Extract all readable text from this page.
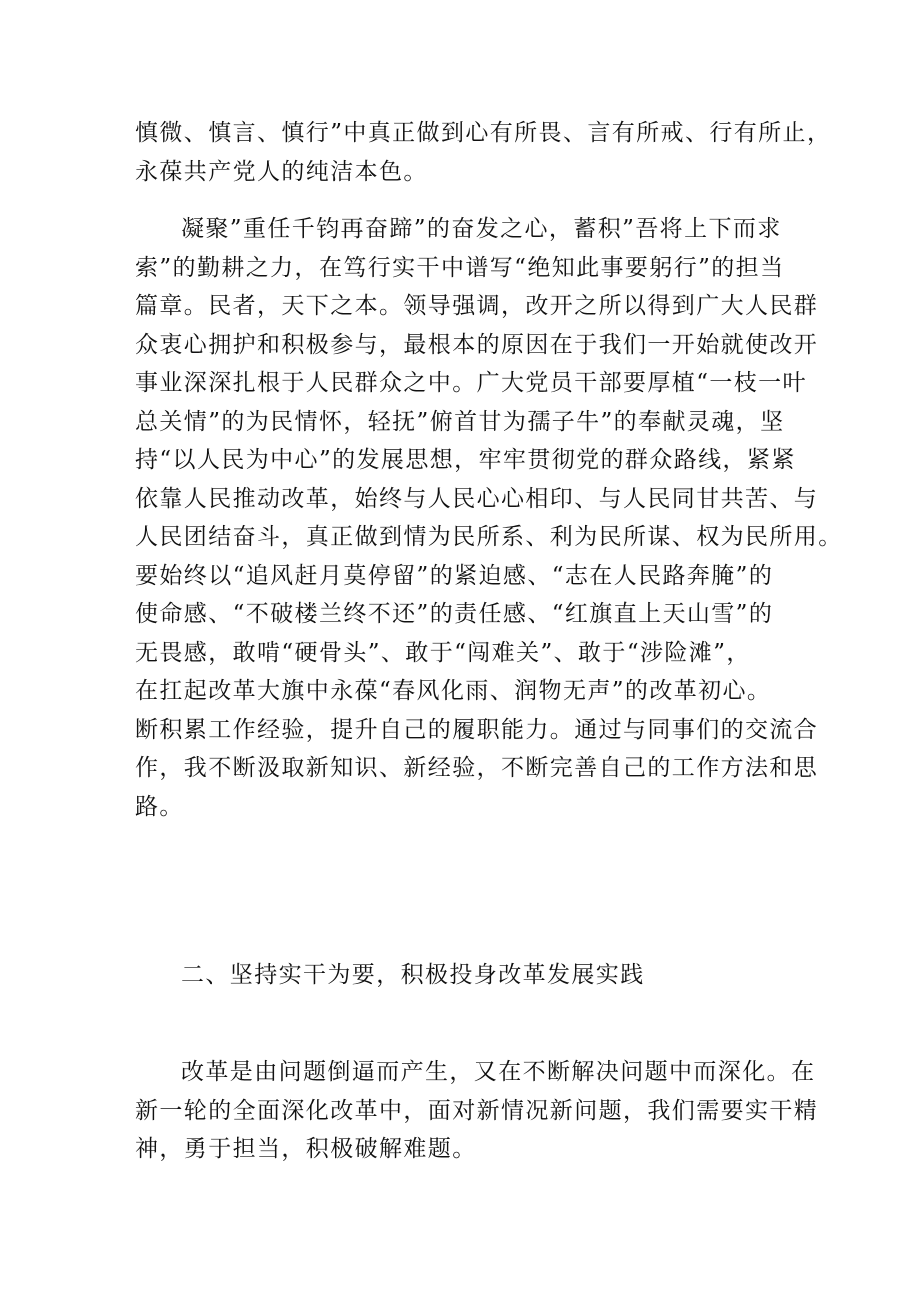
慎微、慎言、慎行”中真正做到心有所畏、言有所戒、行有所止，
永葆共产党人的纯洁本色。
凝聚”重任千钧再奋蹄”的奋发之心，蓄积”吾将上下而求
索”的勤耕之力，在笃行实干中谱写“绝知此事要躬行”的担当
篇章。民者，天下之本。领导强调，改开之所以得到广大人民群
众衷心拥护和积极参与，最根本的原因在于我们一开始就使改开
事业深深扎根于人民群众之中。广大党员干部要厚植“一枝一叶
总关情”的为民情怀，轻抚”俯首甘为孺子牛”的奉献灵魂，坚
持“以人民为中心”的发展思想，牢牢贯彻党的群众路线，紧紧
依靠人民推动改革，始终与人民心心相印、与人民同甘共苦、与
人民团结奋斗，真正做到情为民所系、利为民所谋、权为民所用。
要始终以“追风赶月莫停留”的紧迫感、“志在人民路奔腌”的
使命感、“不破楼兰终不还”的责任感、“红旗直上天山雪”的
无畏感，敢啃“硬骨头”、敢于“闯难关”、敢于“涉险滩”，
在扛起改革大旗中永葆“春风化雨、润物无声”的改革初心。
断积累工作经验，提升自己的履职能力。通过与同事们的交流合
作，我不断汲取新知识、新经验，不断完善自己的工作方法和思
路。
二、坚持实干为要，积极投身改革发展实践
改革是由问题倒逼而产生，又在不断解决问题中而深化。在
新一轮的全面深化改革中，面对新情况新问题，我们需要实干精
神，勇于担当，积极破解难题。
